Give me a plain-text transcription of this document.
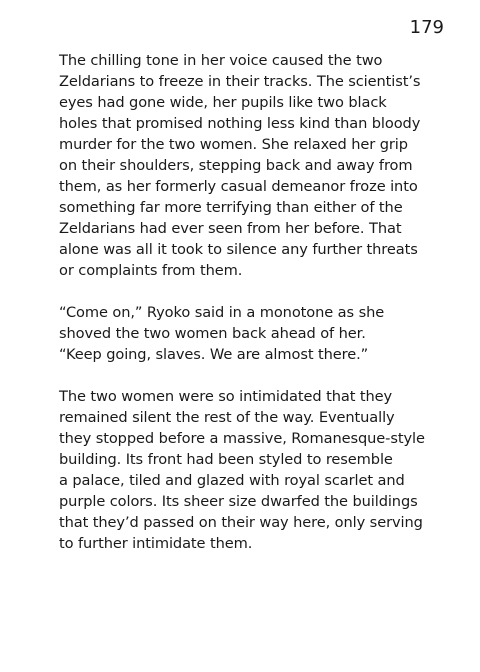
179

The chilling tone in her voice caused the two
Zeldarians to freeze in their tracks. The scientist’s
eyes had gone wide, her pupils like two black
holes that promised nothing less kind than bloody
murder for the two women. She relaxed her grip
on their shoulders, stepping back and away from
them, as her formerly casual demeanor froze into
something far more terrifying than either of the
Zeldarians had ever seen from her before. That
alone was all it took to silence any further threats
or complaints from them.

“Come on,” Ryoko said in a monotone as she
shoved the two women back ahead of her.
“Keep going, slaves. We are almost there.”

The two women were so intimidated that they
remained silent the rest of the way. Eventually
they stopped before a massive, Romanesque-style
building. Its front had been styled to resemble
a palace, tiled and glazed with royal scarlet and
purple colors. Its sheer size dwarfed the buildings
that they’d passed on their way here, only serving
to further intimidate them.
